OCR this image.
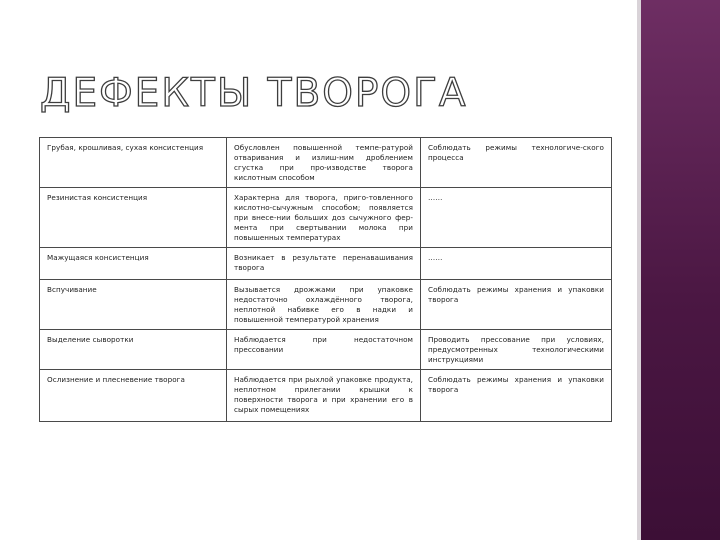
ДЕФЕКТЫ ТВОРОГА
Грубая, крошливая, сухая консистенция	Обусловлен повышенной темпе-ратурой отваривания и излиш-ним дроблением сгустка при про-изводстве творога кислотным способом	Соблюдать режимы технологиче-ского процесса
Резинистая консистенция	Характерна для творога, приго-товленного кислотно-сычужным способом; появляется при внесе-нии больших доз сычужного фер-мента при свертывании молока при повышенных температурах	……
Мажущаяся консистенция	Возникает в результате перенавашивания творога	……
Вспучивание	Вызывается дрожжами при упаковке недостаточно охлаждённого творога, неплотной набивке его в надки и повышенной температурой хранения	Соблюдать режимы хранения и упаковки творога
Выделение сыворотки	Наблюдается при недостаточном прессовании	Проводить прессование при условиях, предусмотренных технологическими инструкциями
Ослизнение и плесневение творога	Наблюдается при рыхлой упаковке продукта, неплотном прилегании крышки к поверхности творога и при хранении его в сырых помещениях	Соблюдать режимы хранения и упаковки творога
